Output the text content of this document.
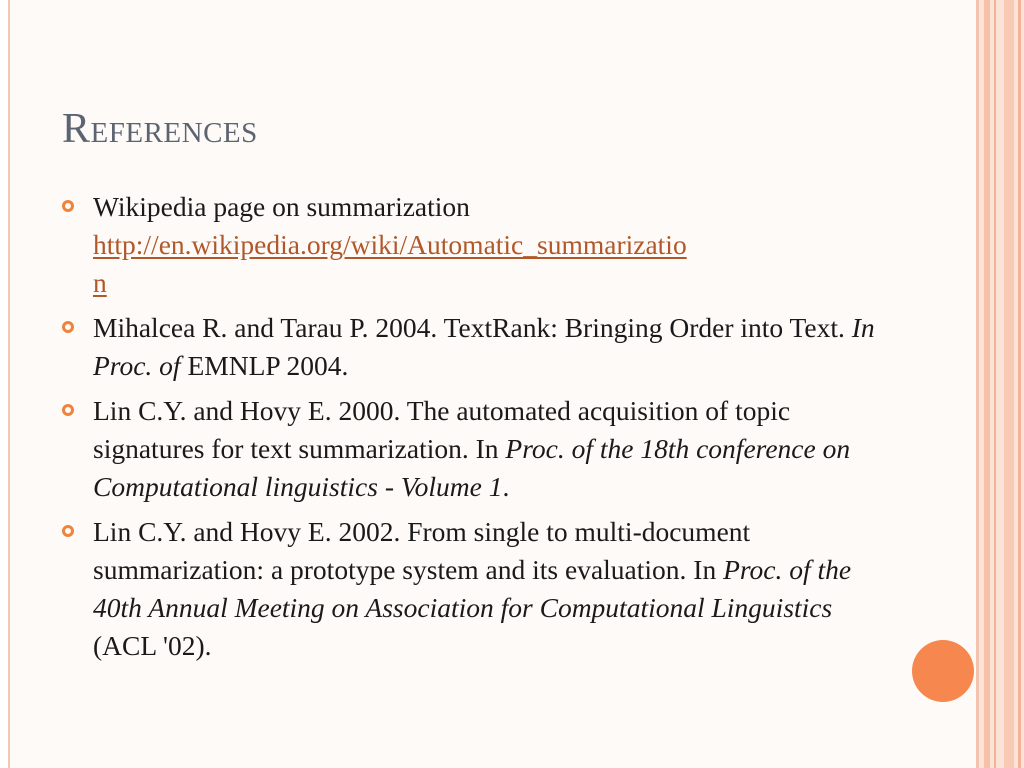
References
Wikipedia page on summarization
http://en.wikipedia.org/wiki/Automatic_summarizatio
n
Mihalcea R. and Tarau P. 2004. TextRank: Bringing Order into Text. In Proc. of EMNLP 2004.
Lin C.Y. and Hovy E. 2000. The automated acquisition of topic signatures for text summarization. In Proc. of the 18th conference on Computational linguistics - Volume 1.
Lin C.Y. and Hovy E. 2002. From single to multi-document summarization: a prototype system and its evaluation. In Proc. of the 40th Annual Meeting on Association for Computational Linguistics (ACL '02).
